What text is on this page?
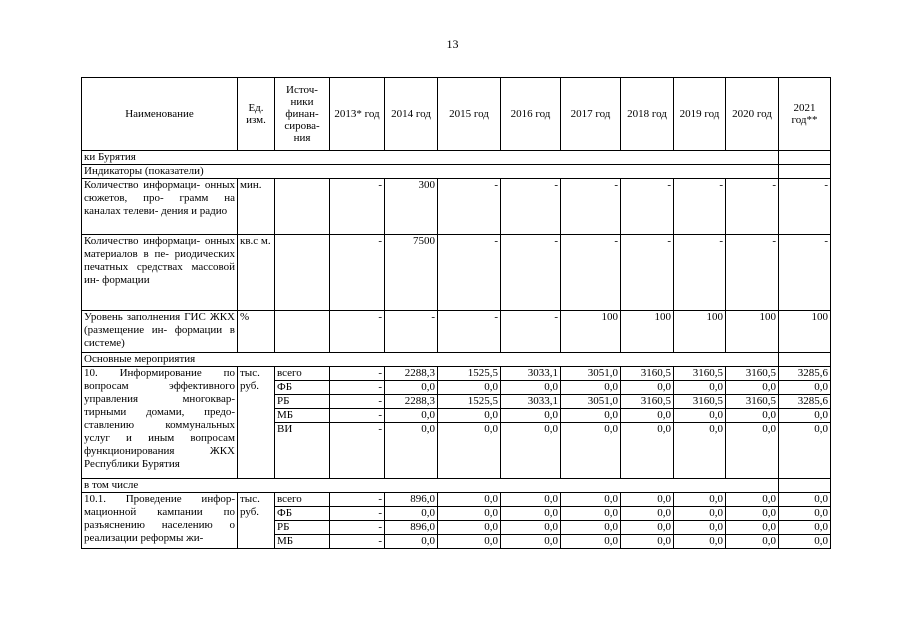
13
Наименование	Ед. изм.	Источ- ники финан- сирова- ния	2013* год	2014 год	2015 год	2016 год	2017 год	2018 год	2019 год	2020 год	2021 год**
ки Бурятия											
Индикаторы (показатели)											
Количество информаци- онных сюжетов, про- грамм на каналах телеви- дения и радио	мин.		-	300	-	-	-	-	-	-	-
Количество информаци- онных материалов в пе- риодических печатных средствах массовой ин- формации	кв.с м.		-	7500	-	-	-	-	-	-	-
Уровень заполнения ГИС ЖКХ (размещение ин- формации в системе)	%		-	-	-	-	100	100	100	100	100
Основные мероприятия											
10. Информирование по вопросам эффективного управления многоквар- тирными домами, предо- ставлению коммунальных услуг и иным вопросам функционирования ЖКХ Республики Бурятия	тыс. руб.	всего	-	2288,3	1525,5	3033,1	3051,0	3160,5	3160,5	3160,5	3285,6
		ФБ	-	0,0	0,0	0,0	0,0	0,0	0,0	0,0	0,0
		РБ	-	2288,3	1525,5	3033,1	3051,0	3160,5	3160,5	3160,5	3285,6
		МБ	-	0,0	0,0	0,0	0,0	0,0	0,0	0,0	0,0
		ВИ	-	0,0	0,0	0,0	0,0	0,0	0,0	0,0	0,0
в том числе											
10.1. Проведение инфор- мационной кампании по разъяснению населению о реализации реформы жи-	тыс. руб.	всего	-	896,0	0,0	0,0	0,0	0,0	0,0	0,0	0,0
		ФБ	-	0,0	0,0	0,0	0,0	0,0	0,0	0,0	0,0
		РБ	-	896,0	0,0	0,0	0,0	0,0	0,0	0,0	0,0
		МБ	-	0,0	0,0	0,0	0,0	0,0	0,0	0,0	0,0
